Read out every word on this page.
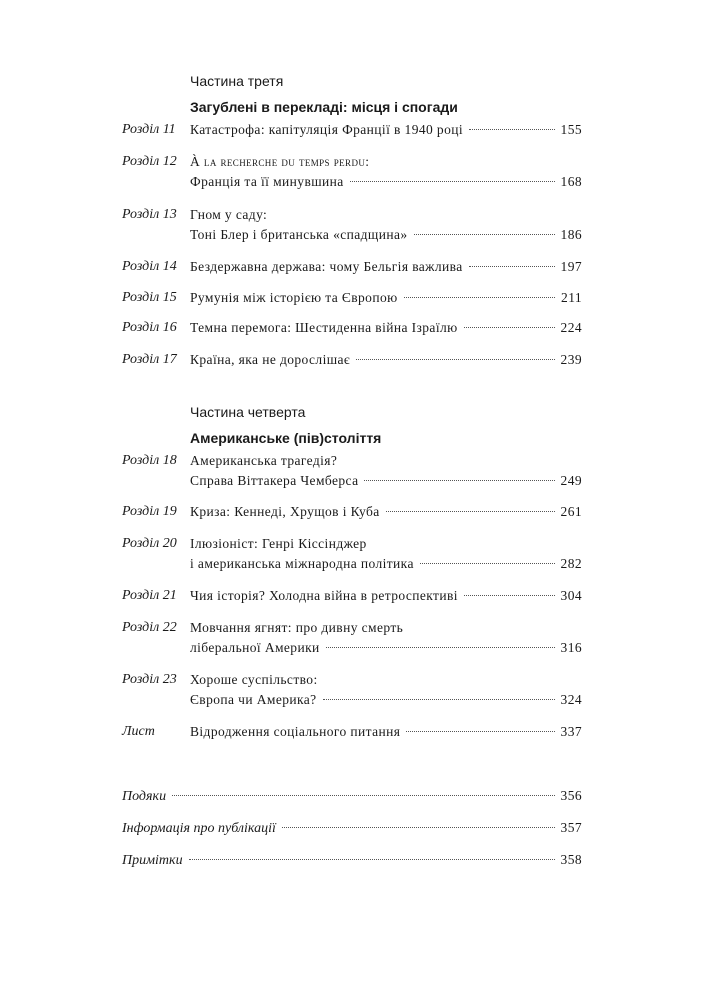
Частина третя
Загублені в перекладі: місця і спогади
Розділ 11 Катастрофа: капітуляція Франції в 1940 році	155
Розділ 12 À la recherche du temps perdu:
Франція та її минувшина	168
Розділ 13 Гном у саду:
Тоні Блер і британська «спадщина»	186
Розділ 14 Бездержавна держава: чому Бельгія важлива	197
Розділ 15 Румунія між історією та Європою	211
Розділ 16 Темна перемога: Шестиденна війна Ізраїлю	224
Розділ 17 Країна, яка не дорослішає	239
Частина четверта
Американське (пів)століття
Розділ 18 Американська трагедія?
Справа Віттакера Чемберса	249
Розділ 19 Криза: Кеннеді, Хрущов і Куба	261
Розділ 20 Ілюзіоніст: Генрі Кіссінджер
і американська міжнародна політика	282
Розділ 21 Чия історія? Холодна війна в ретроспективі	304
Розділ 22 Мовчання ягнят: про дивну смерть
ліберальної Америки	316
Розділ 23 Хороше суспільство:
Європа чи Америка?	324
Лист	Відродження соціального питання	337
Подяки	356
Інформація про публікації	357
Примітки	358
